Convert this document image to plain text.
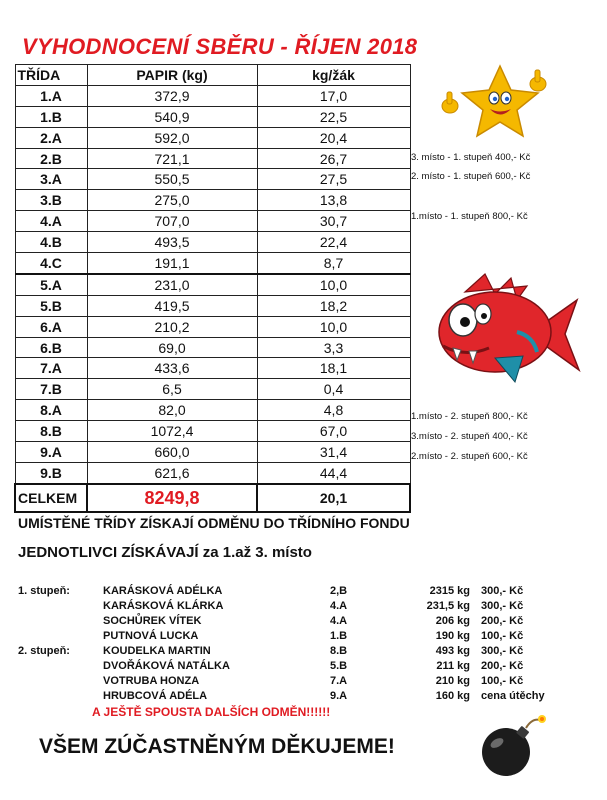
VYHODNOCENÍ SBĚRU - ŘÍJEN 2018
TŘÍDA	PAPIR (kg)	kg/žák
1.A	372,9	17,0
1.B	540,9	22,5
2.A	592,0	20,4
2.B	721,1	26,7
3.A	550,5	27,5
3.B	275,0	13,8
4.A	707,0	30,7
4.B	493,5	22,4
4.C	191,1	8,7
5.A	231,0	10,0
5.B	419,5	18,2
6.A	210,2	10,0
6.B	69,0	3,3
7.A	433,6	18,1
7.B	6,5	0,4
8.A	82,0	4,8
8.B	1072,4	67,0
9.A	660,0	31,4
9.B	621,6	44,4
CELKEM	8249,8	20,1
3. místo - 1. stupeň 400,- Kč
2. místo - 1. stupeň 600,- Kč
1.místo - 1. stupeň 800,- Kč
1.místo - 2. stupeň 800,- Kč
3.místo - 2. stupeň 400,- Kč
2.místo - 2. stupeň 600,- Kč
UMÍSTĚNÉ TŘÍDY ZÍSKAJÍ ODMĚNU DO TŘÍDNÍHO FONDU
JEDNOTLIVCI ZÍSKÁVAJÍ za 1.až 3. místo
1. stupeň:	KARÁSKOVÁ ADÉLKA	2,B	2315 kg 300,- Kč
KARÁSKOVÁ KLÁRKA	4.A	231,5 kg 300,- Kč
SOCHŮREK VÍTEK	4.A	206 kg 200,- Kč
PUTNOVÁ LUCKA	1.B	190 kg 100,- Kč
2. stupeň:	KOUDELKA MARTIN	8.B	493 kg 300,- Kč
DVOŘÁKOVÁ NATÁLKA	5.B	211 kg 200,- Kč
VOTRUBA HONZA	7.A	210 kg 100,- Kč
HRUBCOVÁ ADÉLA	9.A	160 kg cena útěchy
A JEŠTĚ SPOUSTA DALŠÍCH ODMĚN!!!!!!
VŠEM ZÚČASTNĚNÝM DĚKUJEME!
